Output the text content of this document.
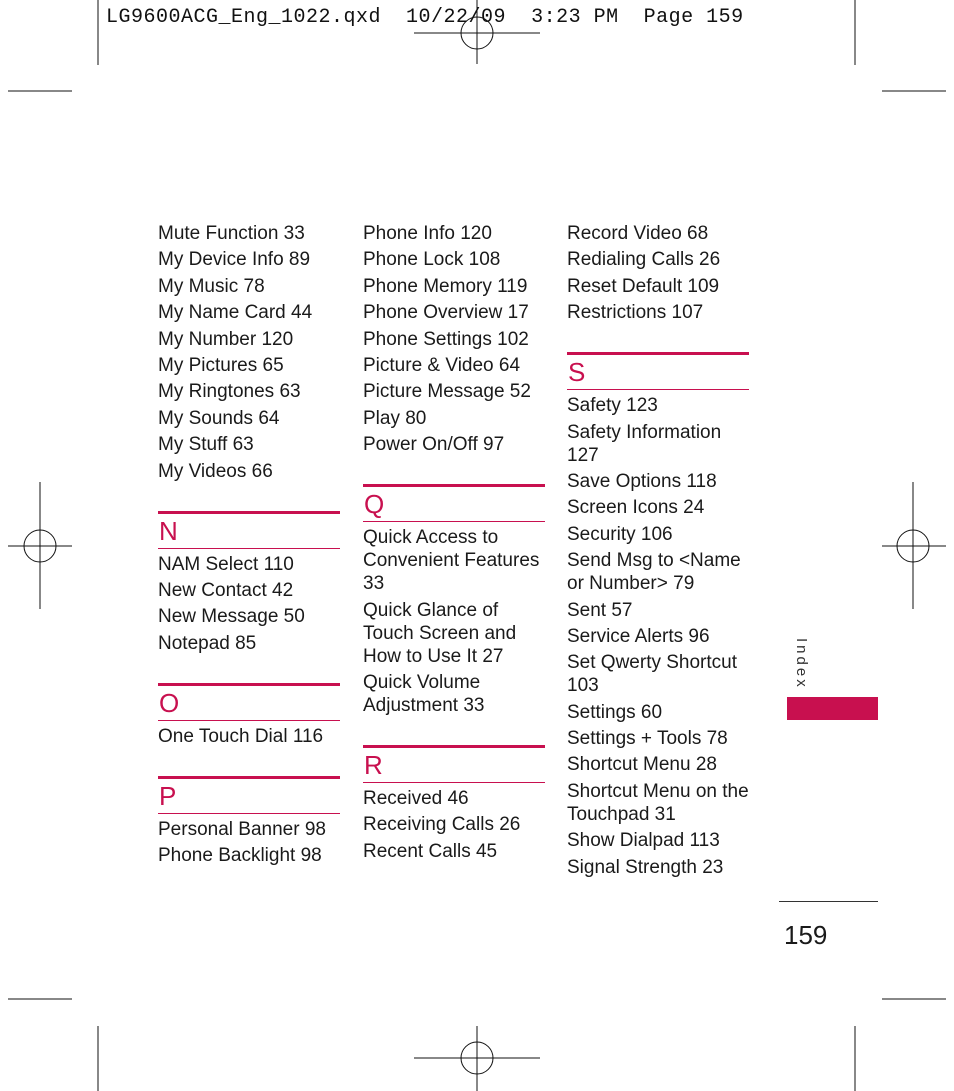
LG9600ACG_Eng_1022.qxd  10/22/09  3:23 PM  Page 159
Mute Function 33
My Device Info 89
My Music 78
My Name Card 44
My Number 120
My Pictures 65
My Ringtones 63
My Sounds 64
My Stuff 63
My Videos 66
N
NAM Select 110
New Contact 42
New Message 50
Notepad 85
O
One Touch Dial 116
P
Personal Banner 98
Phone Backlight 98
Phone Info 120
Phone Lock 108
Phone Memory 119
Phone Overview 17
Phone Settings 102
Picture & Video 64
Picture Message 52
Play 80
Power On/Off 97
Q
Quick Access to Convenient Features 33
Quick Glance of Touch Screen and How to Use It 27
Quick Volume Adjustment 33
R
Received 46
Receiving Calls 26
Recent Calls 45
Record Video 68
Redialing Calls 26
Reset Default 109
Restrictions 107
S
Safety 123
Safety Information 127
Save Options 118
Screen Icons 24
Security 106
Send Msg to <Name or Number> 79
Sent 57
Service Alerts 96
Set Qwerty Shortcut 103
Settings 60
Settings + Tools 78
Shortcut Menu 28
Shortcut Menu on the Touchpad 31
Show Dialpad 113
Signal Strength 23
Index
159
